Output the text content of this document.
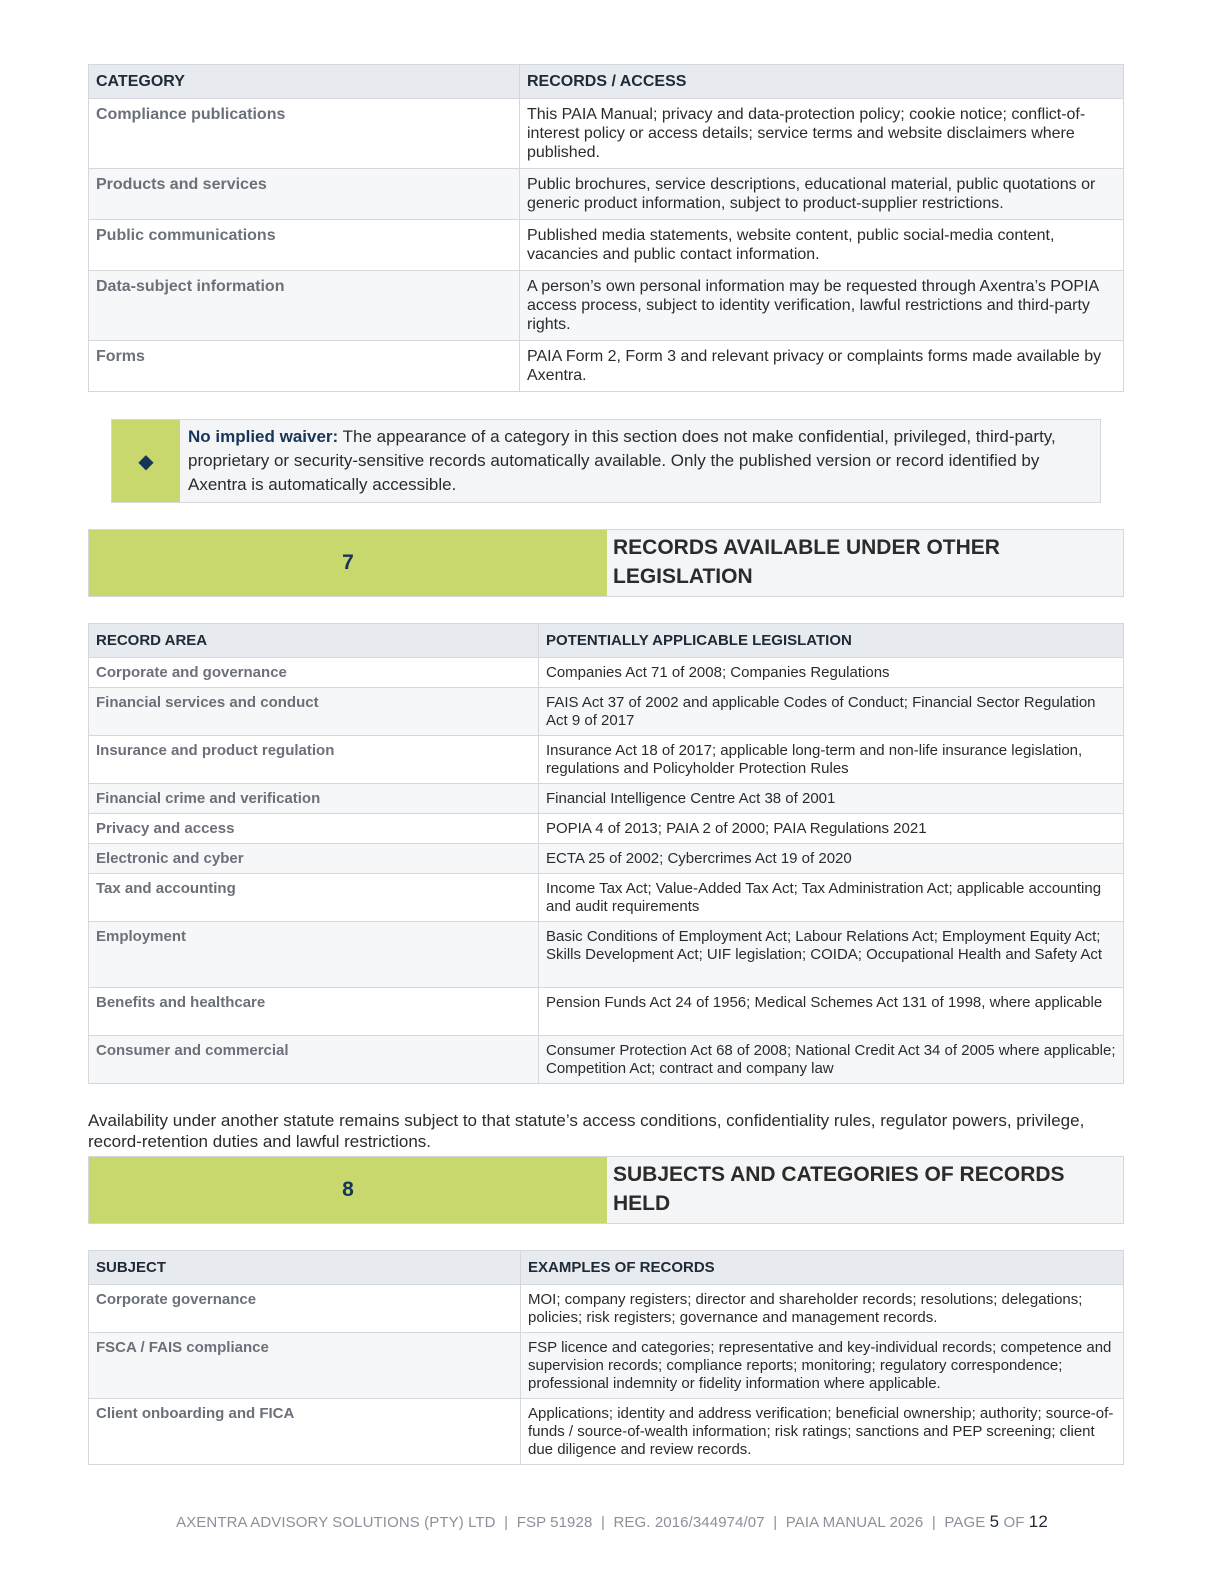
CATEGORY	RECORDS / ACCESS
Compliance publications	This PAIA Manual; privacy and data-protection policy; cookie notice; conflict-of-interest policy or access details; service terms and website disclaimers where published.
Products and services	Public brochures, service descriptions, educational material, public quotations or generic product information, subject to product-supplier restrictions.
Public communications	Published media statements, website content, public social-media content, vacancies and public contact information.
Data-subject information	A person’s own personal information may be requested through Axentra’s POPIA access process, subject to identity verification, lawful restrictions and third-party rights.
Forms	PAIA Form 2, Form 3 and relevant privacy or complaints forms made available by Axentra.
◆
No implied waiver: The appearance of a category in this section does not make confidential, privileged, third-party, proprietary or security-sensitive records automatically available. Only the published version or record identified by Axentra is automatically accessible.
7
RECORDS AVAILABLE UNDER OTHER LEGISLATION
RECORD AREA	POTENTIALLY APPLICABLE LEGISLATION
Corporate and governance	Companies Act 71 of 2008; Companies Regulations
Financial services and conduct	FAIS Act 37 of 2002 and applicable Codes of Conduct; Financial Sector Regulation Act 9 of 2017
Insurance and product regulation	Insurance Act 18 of 2017; applicable long-term and non-life insurance legislation, regulations and Policyholder Protection Rules
Financial crime and verification	Financial Intelligence Centre Act 38 of 2001
Privacy and access	POPIA 4 of 2013; PAIA 2 of 2000; PAIA Regulations 2021
Electronic and cyber	ECTA 25 of 2002; Cybercrimes Act 19 of 2020
Tax and accounting	Income Tax Act; Value-Added Tax Act; Tax Administration Act; applicable accounting and audit requirements
Employment	Basic Conditions of Employment Act; Labour Relations Act; Employment Equity Act; Skills Development Act; UIF legislation; COIDA; Occupational Health and Safety Act
Benefits and healthcare	Pension Funds Act 24 of 1956; Medical Schemes Act 131 of 1998, where applicable
Consumer and commercial	Consumer Protection Act 68 of 2008; National Credit Act 34 of 2005 where applicable; Competition Act; contract and company law

Availability under another statute remains subject to that statute’s access conditions, confidentiality rules, regulator powers, privilege, record-retention duties and lawful restrictions.

8
SUBJECTS AND CATEGORIES OF RECORDS HELD
SUBJECT	EXAMPLES OF RECORDS
Corporate governance	MOI; company registers; director and shareholder records; resolutions; delegations; policies; risk registers; governance and management records.
FSCA / FAIS compliance	FSP licence and categories; representative and key-individual records; competence and supervision records; compliance reports; monitoring; regulatory correspondence; professional indemnity or fidelity information where applicable.
Client onboarding and FICA	Applications; identity and address verification; beneficial ownership; authority; source-of-funds / source-of-wealth information; risk ratings; sanctions and PEP screening; client due diligence and review records.
AXENTRA ADVISORY SOLUTIONS (PTY) LTD | FSP 51928 | REG. 2016/344974/07 | PAIA MANUAL 2026 | PAGE 5 OF 12
